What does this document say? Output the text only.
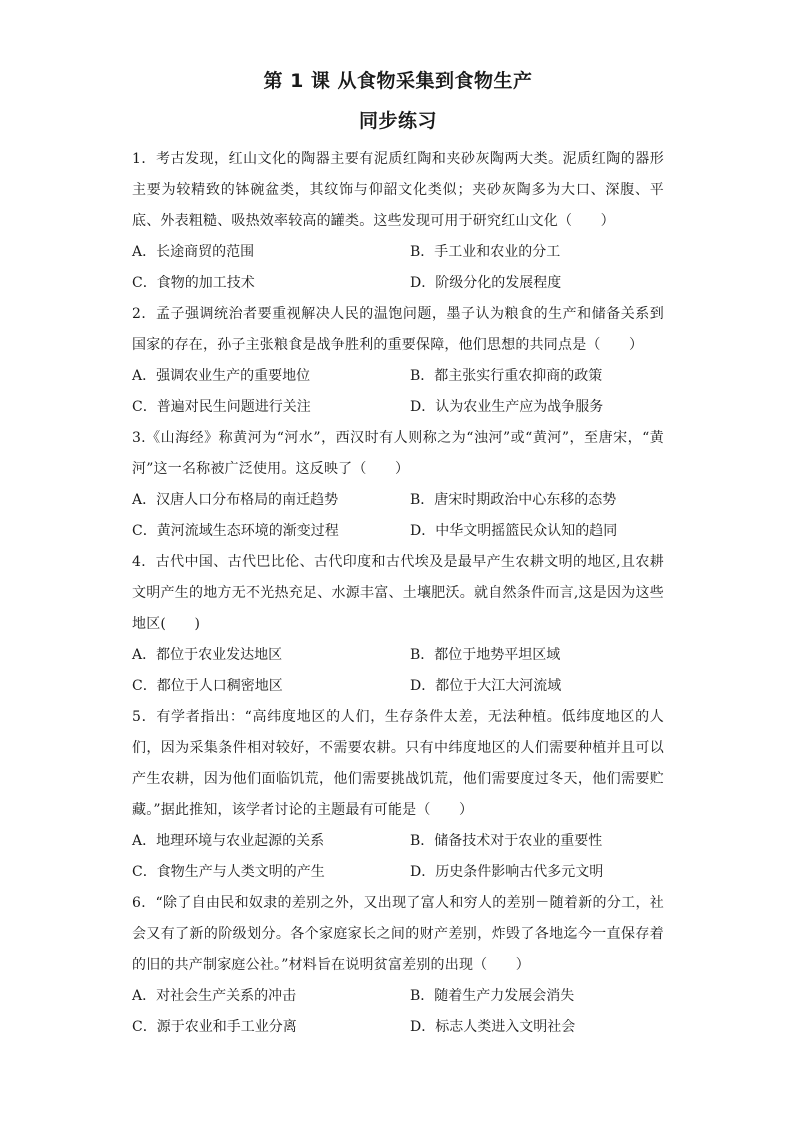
第 1 课 从食物采集到食物生产
同步练习

1．考古发现，红山文化的陶器主要有泥质红陶和夹砂灰陶两大类。泥质红陶的器形主要为较精致的钵碗盆类，其纹饰与仰韶文化类似；夹砂灰陶多为大口、深腹、平底、外表粗糙、吸热效率较高的罐类。这些发现可用于研究红山文化（　　）

A．长途商贸的范围	B．手工业和农业的分工
C．食物的加工技术	D．阶级分化的发展程度

2．孟子强调统治者要重视解决人民的温饱问题，墨子认为粮食的生产和储备关系到国家的存在，孙子主张粮食是战争胜利的重要保障，他们思想的共同点是（　　）

A．强调农业生产的重要地位	B．都主张实行重农抑商的政策
C．普遍对民生问题进行关注	D．认为农业生产应为战争服务

3.《山海经》称黄河为“河水”，西汉时有人则称之为“浊河”或“黄河”，至唐宋，“黄河”这一名称被广泛使用。这反映了（　　）

A．汉唐人口分布格局的南迁趋势	B．唐宋时期政治中心东移的态势
C．黄河流域生态环境的渐变过程	D．中华文明摇篮民众认知的趋同

4．古代中国、古代巴比伦、古代印度和古代埃及是最早产生农耕文明的地区,且农耕文明产生的地方无不光热充足、水源丰富、土壤肥沃。就自然条件而言,这是因为这些地区(　　)

A．都位于农业发达地区	B．都位于地势平坦区域
C．都位于人口稠密地区	D．都位于大江大河流域

5．有学者指出：“高纬度地区的人们，生存条件太差，无法种植。低纬度地区的人们，因为采集条件相对较好，不需要农耕。只有中纬度地区的人们需要种植并且可以产生农耕，因为他们面临饥荒，他们需要挑战饥荒，他们需要度过冬天，他们需要贮藏。”据此推知，该学者讨论的主题最有可能是（　　）

A．地理环境与农业起源的关系	B．储备技术对于农业的重要性
C．食物生产与人类文明的产生	D．历史条件影响古代多元文明

6．“除了自由民和奴隶的差别之外，又出现了富人和穷人的差别－随着新的分工，社会又有了新的阶级划分。各个家庭家长之间的财产差别，炸毁了各地迄今一直保存着的旧的共产制家庭公社。”材料旨在说明贫富差别的出现（　　）

A．对社会生产关系的冲击	B．随着生产力发展会消失
C．源于农业和手工业分离	D．标志人类进入文明社会
